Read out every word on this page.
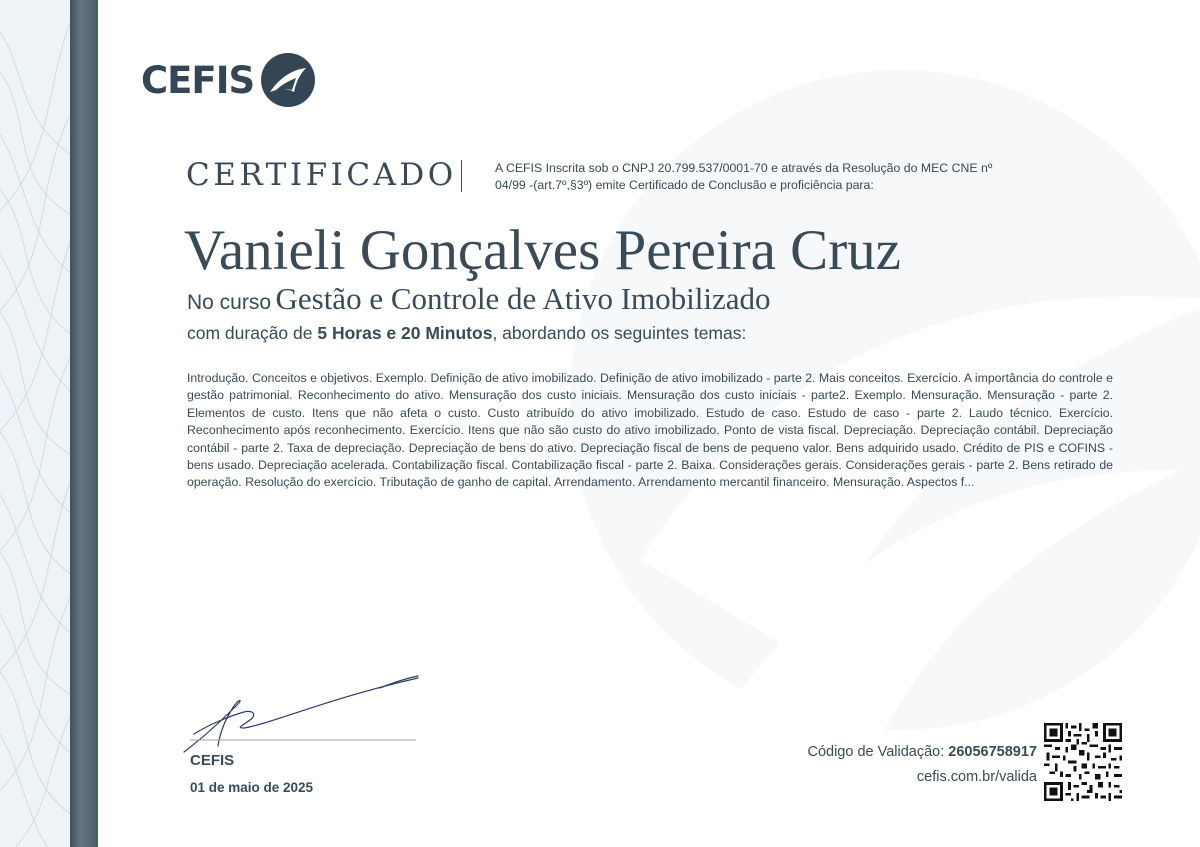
CEFIS
CERTIFICADO	A CEFIS Inscrita sob o CNPJ 20.799.537/0001-70 e através da Resolução do MEC CNE nº 04/99 -(art.7º,§3º) emite Certificado de Conclusão e proficiência para:
Vanieli Gonçalves Pereira Cruz
No curso Gestão e Controle de Ativo Imobilizado
com duração de 5 Horas e 20 Minutos, abordando os seguintes temas:
Introdução. Conceitos e objetivos. Exemplo. Definição de ativo imobilizado. Definição de ativo imobilizado - parte 2. Mais conceitos. Exercício. A importância do controle e gestão patrimonial. Reconhecimento do ativo. Mensuração dos custo iniciais. Mensuração dos custo iniciais - parte2. Exemplo. Mensuração. Mensuração - parte 2. Elementos de custo. Itens que não afeta o custo. Custo atribuído do ativo imobilizado. Estudo de caso. Estudo de caso - parte 2. Laudo técnico. Exercício. Reconhecimento após reconhecimento. Exercício. Itens que não são custo do ativo imobilizado. Ponto de vista fiscal. Depreciação. Depreciação contábil. Depreciação contábil - parte 2. Taxa de depreciação. Depreciação de bens do ativo. Depreciação fiscal de bens de pequeno valor. Bens adquirido usado. Crédito de PIS e COFINS - bens usado. Depreciação acelerada. Contabilização fiscal. Contabilização fiscal - parte 2. Baixa. Considerações gerais. Considerações gerais - parte 2. Bens retirado de operação. Resolução do exercício. Tributação de ganho de capital. Arrendamento. Arrendamento mercantil financeiro. Mensuração. Aspectos f...
CEFIS
01 de maio de 2025
Código de Validação: 26056758917
cefis.com.br/valida
